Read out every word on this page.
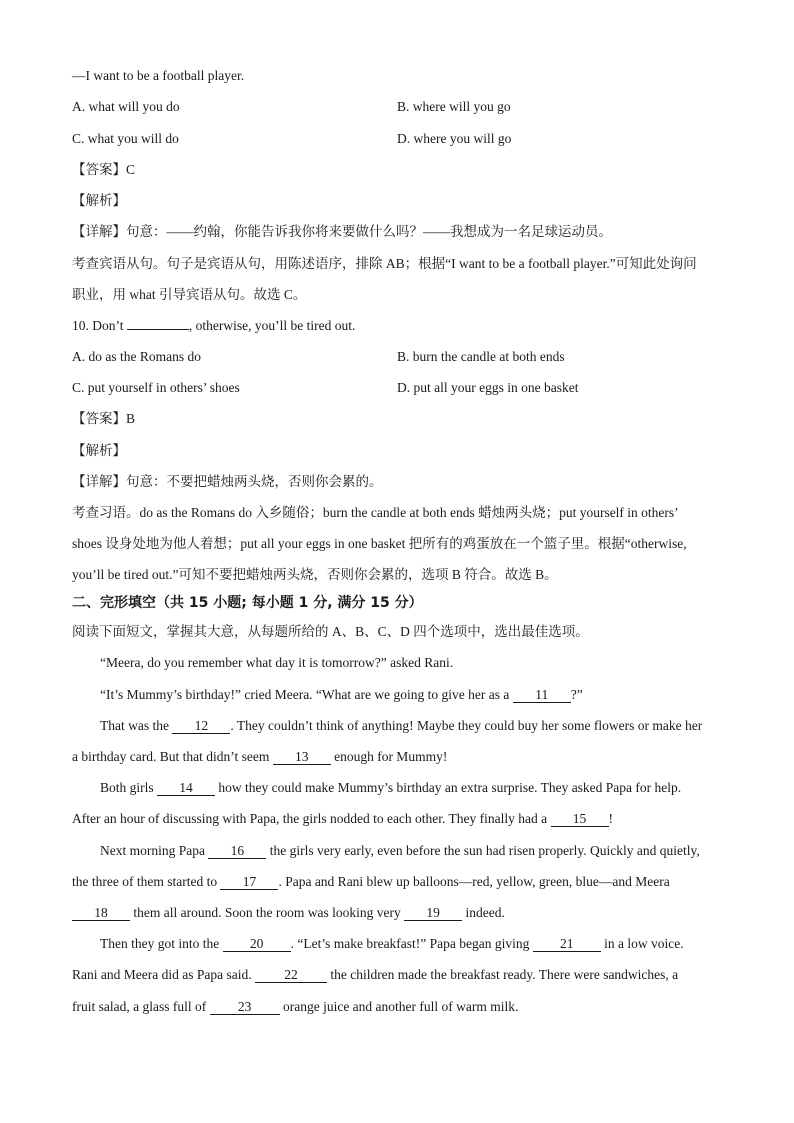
—I want to be a football player.
A. what will you do	B. where will you go
C. what you will do	D. where you will go
【答案】C
【解析】
【详解】句意：——约翰，你能告诉我你将来要做什么吗？——我想成为一名足球运动员。
考查宾语从句。句子是宾语从句，用陈述语序，排除 AB；根据“I want to be a football player.”可知此处询问
职业，用 what 引导宾语从句。故选 C。
10. Don’t	, otherwise, you’ll be tired out.
A. do as the Romans do	B. burn the candle at both ends
C. put yourself in others’ shoes	D. put all your eggs in one basket
【答案】B
【解析】
【详解】句意：不要把蜡烛两头烧，否则你会累的。
考查习语。do as the Romans do 入乡随俗；burn the candle at both ends 蜡烛两头烧；put yourself in others’
shoes 设身处地为他人着想；put all your eggs in one basket 把所有的鸡蛋放在一个篮子里。根据“otherwise,
you’ll be tired out.”可知不要把蜡烛两头烧，否则你会累的，选项 B 符合。故选 B。
二、完形填空（共 15 小题; 每小题 1 分, 满分 15 分）
阅读下面短文，掌握其大意，从每题所给的 A、B、C、D 四个选项中，选出最佳选项。
“Meera, do you remember what day it is tomorrow?” asked Rani.
“It’s Mummy’s birthday!” cried Meera. “What are we going to give her as a 11 ?”
That was the 12 . They couldn’t think of anything! Maybe they could buy her some flowers or make her
a birthday card. But that didn’t seem 13 enough for Mummy!
Both girls 14 how they could make Mummy’s birthday an extra surprise. They asked Papa for help.
After an hour of discussing with Papa, the girls nodded to each other. They finally had a 15 !
Next morning Papa 16 the girls very early, even before the sun had risen properly. Quickly and quietly,
the three of them started to 17 . Papa and Rani blew up balloons—red, yellow, green, blue—and Meera
18 them all around. Soon the room was looking very 19 indeed.
Then they got into the 20 . “Let’s make breakfast!” Papa began giving 21 in a low voice.
Rani and Meera did as Papa said. 22 the children made the breakfast ready. There were sandwiches, a
fruit salad, a glass full of 23 orange juice and another full of warm milk.
